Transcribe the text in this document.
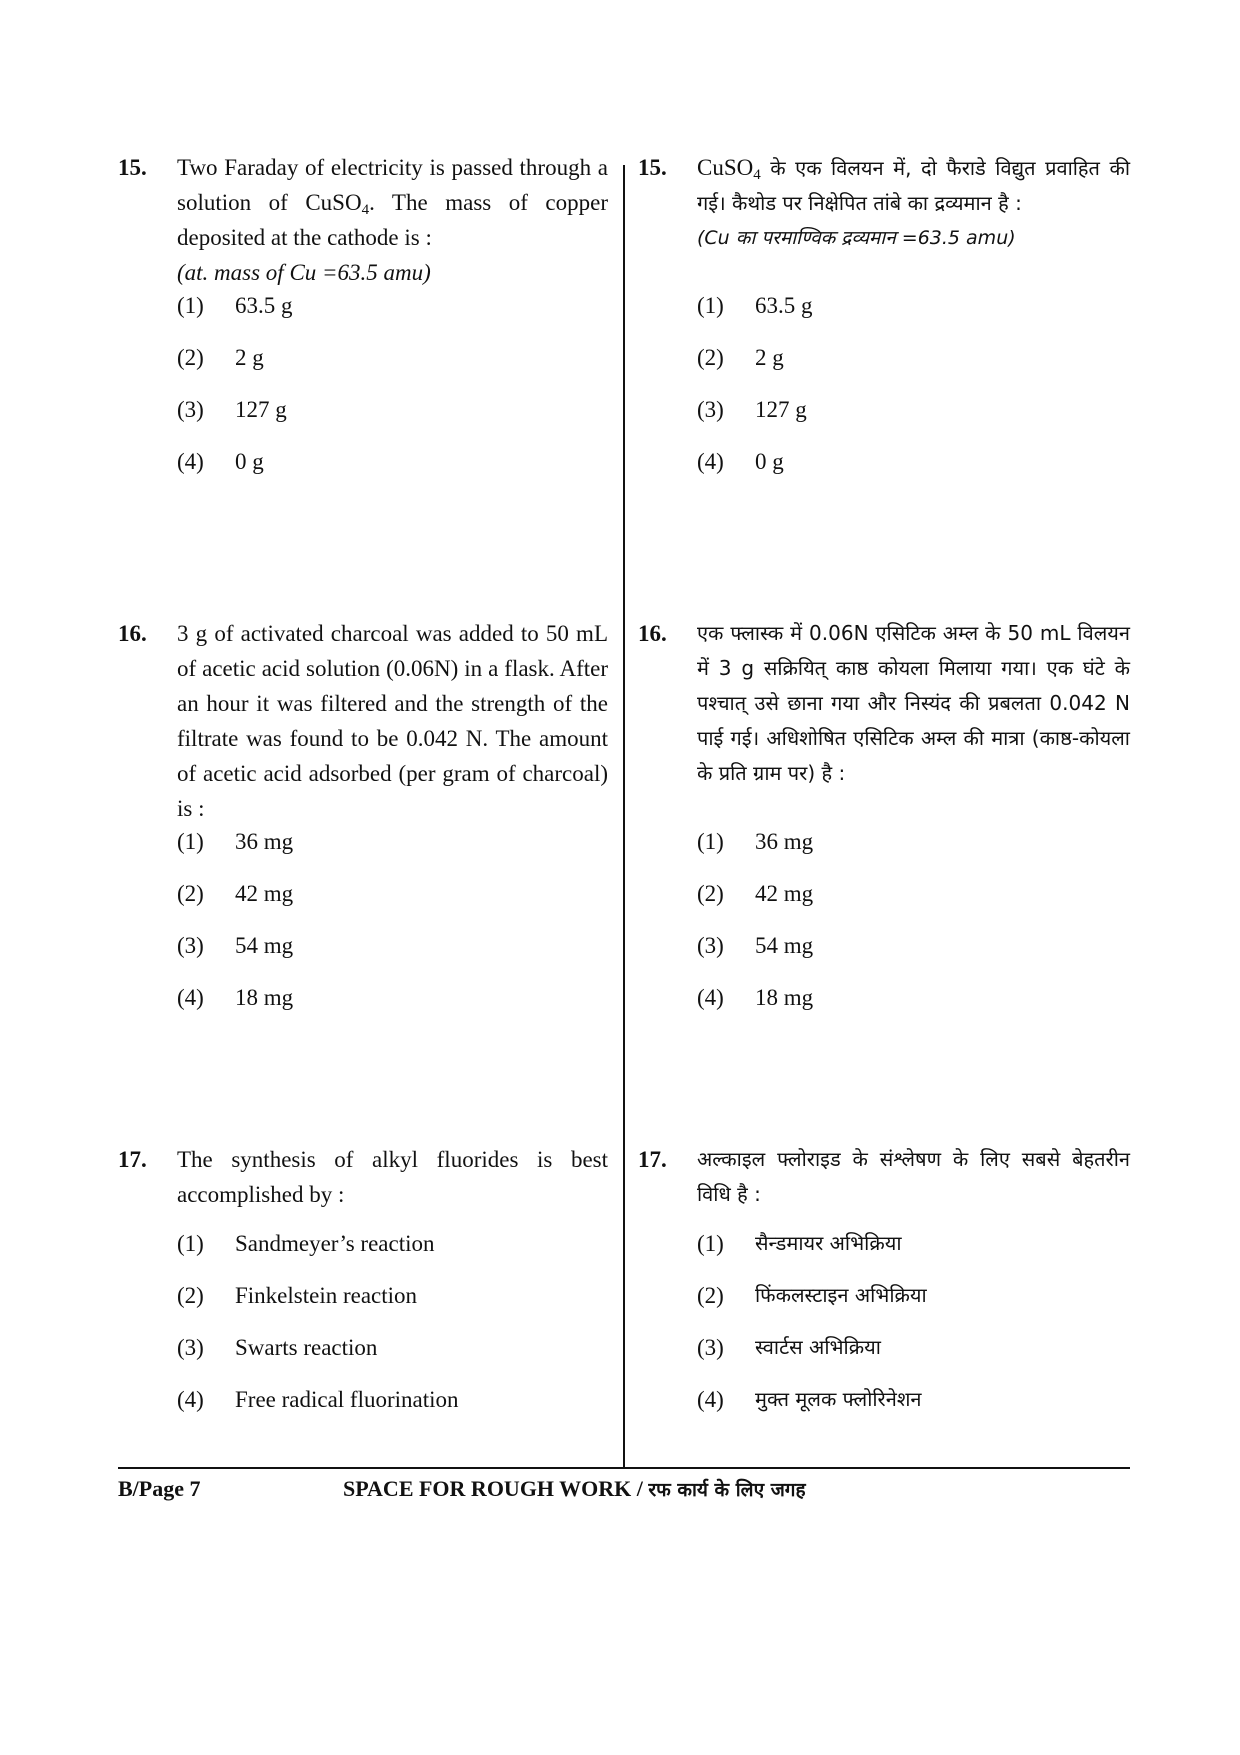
15. Two Faraday of electricity is passed through a solution of CuSO$_4$. The mass of copper deposited at the cathode is :
(at. mass of Cu =63.5 amu)

(1) 63.5 g
(2) 2 g
(3) 127 g
(4) 0 g
16. 3 g of activated charcoal was added to 50 mL of acetic acid solution (0.06N) in a flask. After an hour it was filtered and the strength of the filtrate was found to be 0.042 N. The amount of acetic acid adsorbed (per gram of charcoal) is :

(1) 36 mg
(2) 42 mg
(3) 54 mg
(4) 18 mg
17. The synthesis of alkyl fluorides is best accomplished by :

(1) Sandmeyer’s reaction
(2) Finkelstein reaction
(3) Swarts reaction
(4) Free radical fluorination
15. CuSO$_4$ के एक विलयन में, दो फैराडे विद्युत प्रवाहित की गई। कैथोड पर निक्षेपित तांबे का द्रव्यमान है :
(Cu का परमाण्विक द्रव्यमान =63.5 amu)

(1) 63.5 g
(2) 2 g
(3) 127 g
(4) 0 g
16. एक फ्लास्क में 0.06N एसिटिक अम्ल के 50 mL विलयन में 3 g सक्रियित् काष्ठ कोयला मिलाया गया। एक घंटे के पश्चात् उसे छाना गया और निस्यंद की प्रबलता 0.042 N पाई गई। अधिशोषित एसिटिक अम्ल की मात्रा (काष्ठ-कोयला के प्रति ग्राम पर) है :

(1) 36 mg
(2) 42 mg
(3) 54 mg
(4) 18 mg
17. अल्काइल फ्लोराइड के संश्लेषण के लिए सबसे बेहतरीन विधि है :

(1) सैन्डमायर अभिक्रिया
(2) फिंकलस्टाइन अभिक्रिया
(3) स्वार्टस अभिक्रिया
(4) मुक्त मूलक फ्लोरिनेशन
B/Page 7	SPACE FOR ROUGH WORK / रफ कार्य के लिए जगह
